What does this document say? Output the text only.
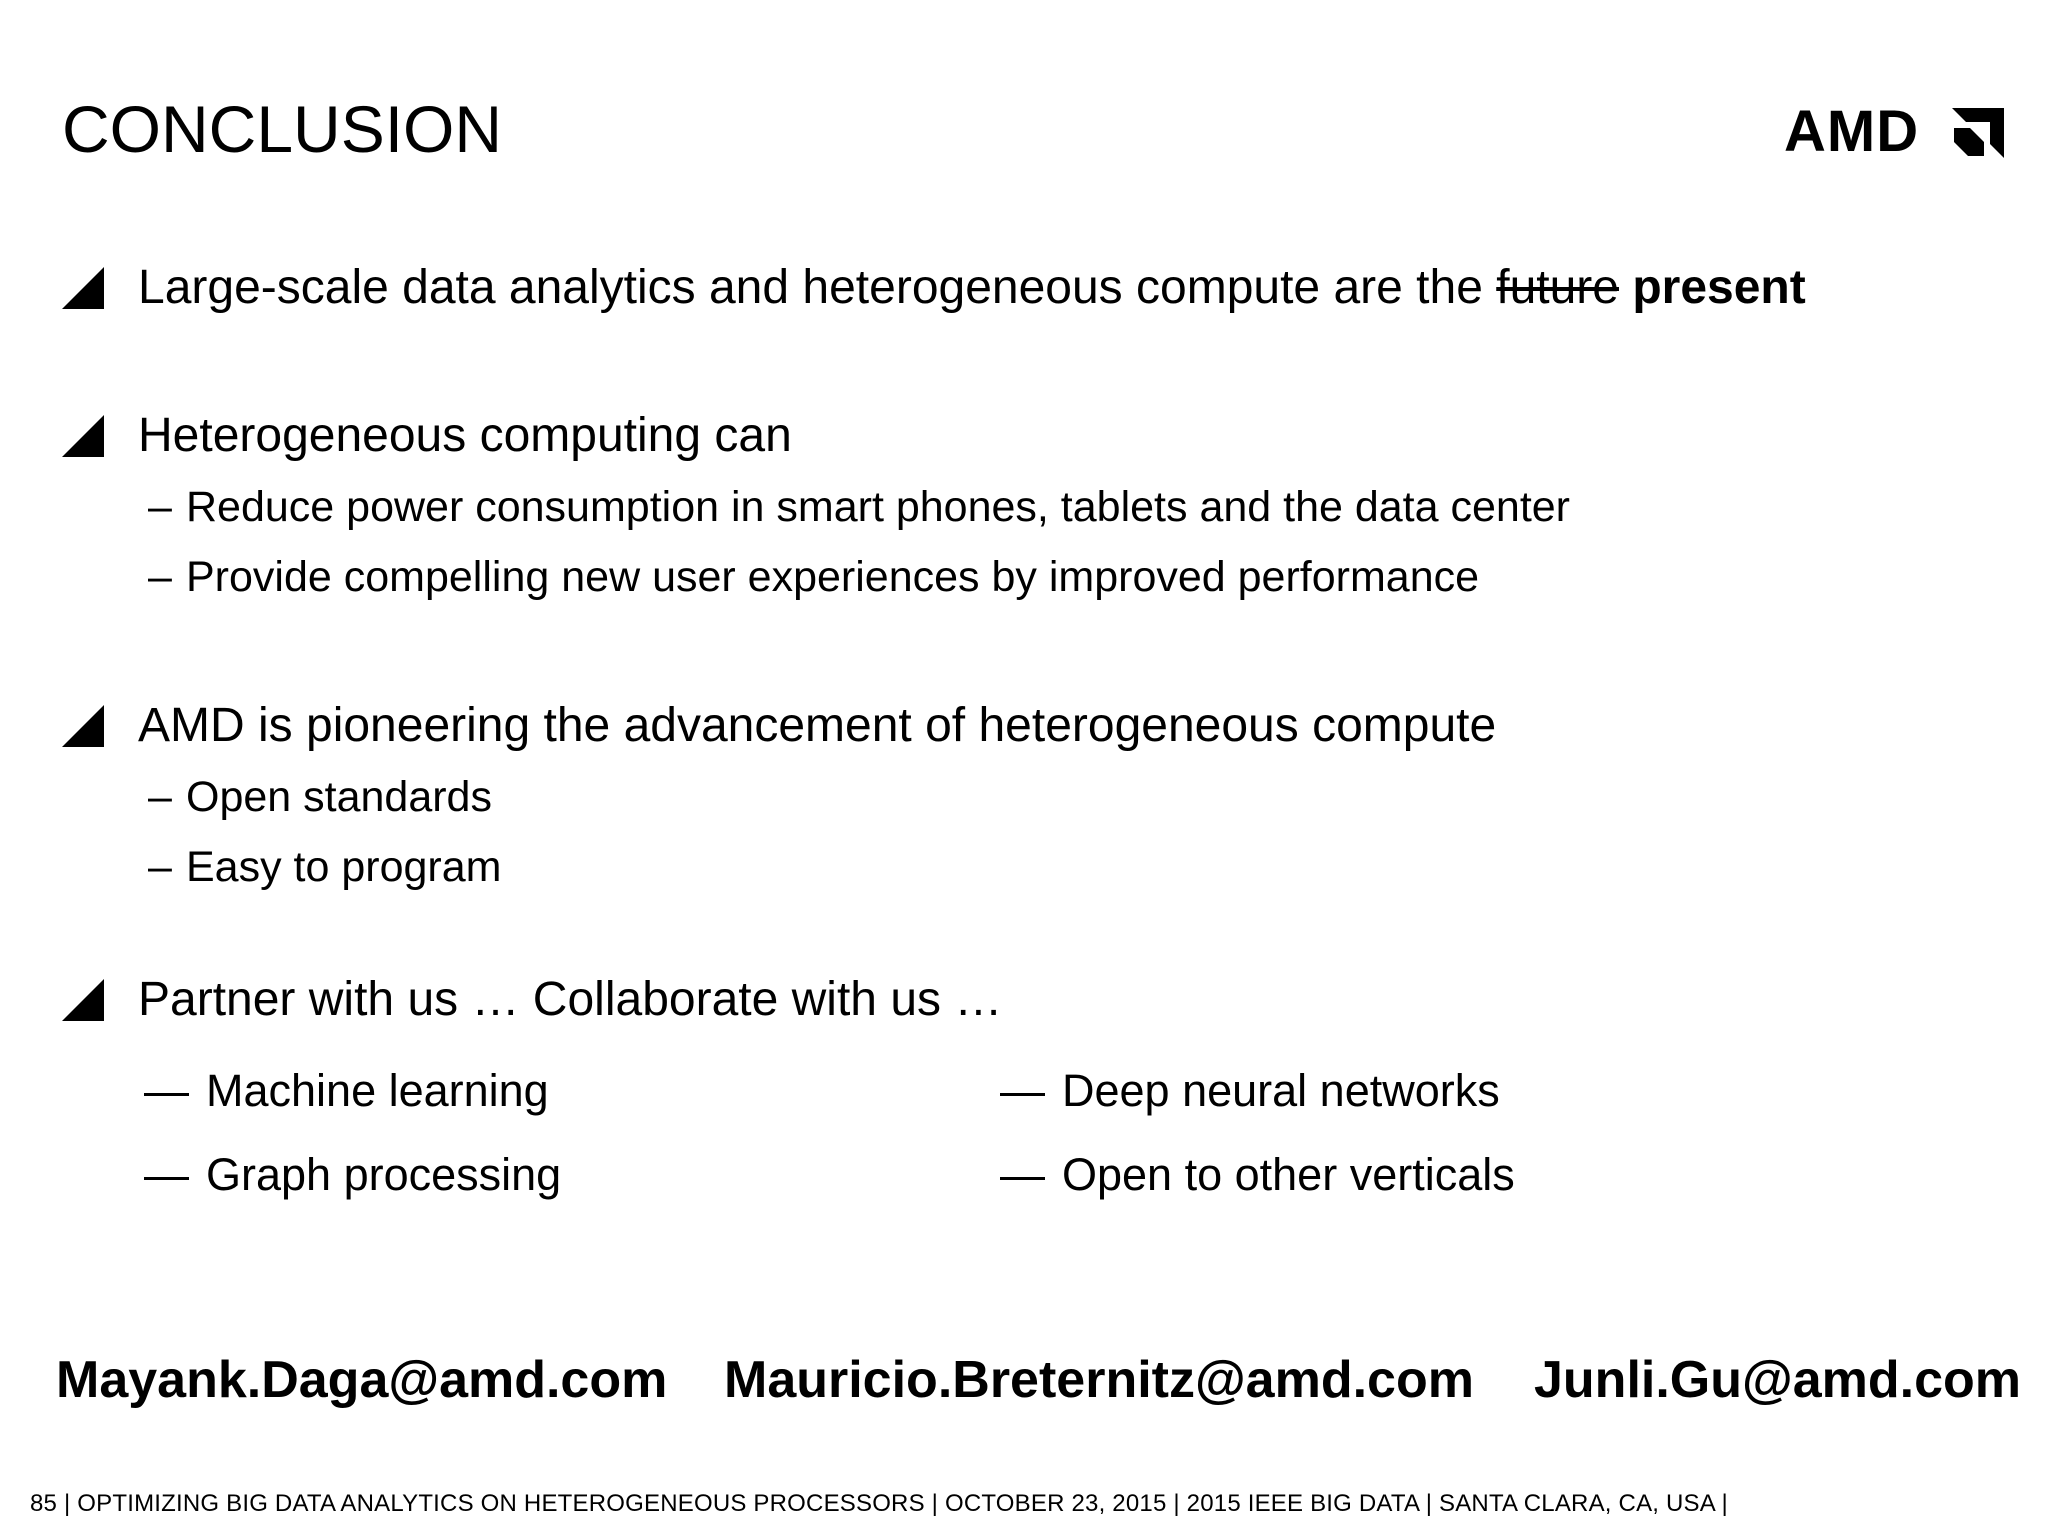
CONCLUSION	AMD
Large-scale data analytics and heterogeneous compute are the future present
Heterogeneous computing can
– Reduce power consumption in smart phones, tablets and the data center
– Provide compelling new user experiences by improved performance
AMD is pioneering the advancement of heterogeneous compute
– Open standards
– Easy to program
Partner with us … Collaborate with us …
— Machine learning
— Graph processing
— Deep neural networks
— Open to other verticals
Mayank.Daga@amd.com Mauricio.Breternitz@amd.com Junli.Gu@amd.com
85 | OPTIMIZING BIG DATA ANALYTICS ON HETEROGENEOUS PROCESSORS | OCTOBER 23, 2015 | 2015 IEEE BIG DATA | SANTA CLARA, CA, USA |
